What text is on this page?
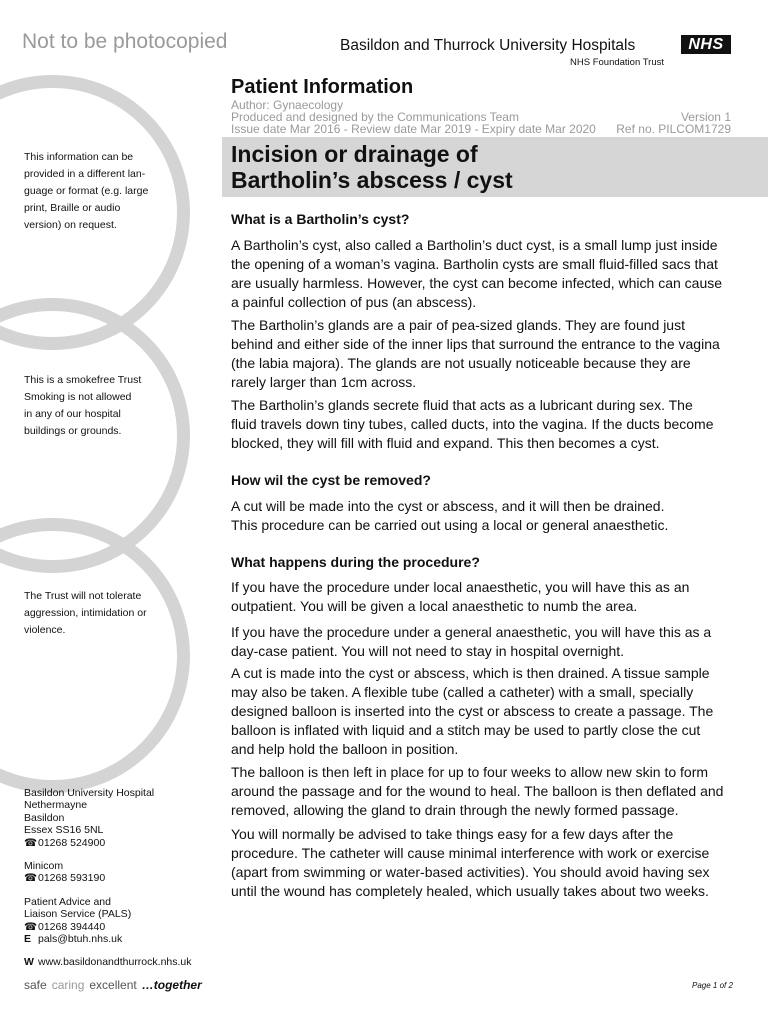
Not to be photocopied	Basildon and Thurrock University Hospitals	NHS
NHS Foundation Trust
Patient Information
Author: Gynaecology
Produced and designed by the Communications Team
Issue date Mar 2016 - Review date Mar 2019 - Expiry date Mar 2020
Version 1
Ref no. PILCOM1729
Incision or drainage of
Bartholin’s abscess / cyst
This information can be
provided in a different lan-
guage or format (e.g. large
print, Braille or audio
version) on request.
This is a smokefree Trust
Smoking is not allowed
in any of our hospital
buildings or grounds.
The Trust will not tolerate
aggression, intimidation or
violence.
Basildon University Hospital
Nethermayne
Basildon
Essex SS16 5NL
☎01268 524900
Minicom
☎01268 593190
Patient Advice and
Liaison Service (PALS)
☎01268 394440
E pals@btuh.nhs.uk
W www.basildonandthurrock.nhs.uk
safe caring excellent …together	Page 1 of 2
What is a Bartholin’s cyst?
A Bartholin’s cyst, also called a Bartholin’s duct cyst, is a small lump just inside
the opening of a woman’s vagina. Bartholin cysts are small fluid-filled sacs that
are usually harmless. However, the cyst can become infected, which can cause
a painful collection of pus (an abscess).
The Bartholin’s glands are a pair of pea-sized glands. They are found just
behind and either side of the inner lips that surround the entrance to the vagina
(the labia majora). The glands are not usually noticeable because they are
rarely larger than 1cm across.
The Bartholin’s glands secrete fluid that acts as a lubricant during sex. The
fluid travels down tiny tubes, called ducts, into the vagina. If the ducts become
blocked, they will fill with fluid and expand. This then becomes a cyst.
How wil the cyst be removed?
A cut will be made into the cyst or abscess, and it will then be drained.
This procedure can be carried out using a local or general anaesthetic.
What happens during the procedure?
If you have the procedure under local anaesthetic, you will have this as an
outpatient. You will be given a local anaesthetic to numb the area.
If you have the procedure under a general anaesthetic, you will have this as a
day-case patient. You will not need to stay in hospital overnight.
A cut is made into the cyst or abscess, which is then drained. A tissue sample
may also be taken. A flexible tube (called a catheter) with a small, specially
designed balloon is inserted into the cyst or abscess to create a passage. The
balloon is inflated with liquid and a stitch may be used to partly close the cut
and help hold the balloon in position.
The balloon is then left in place for up to four weeks to allow new skin to form
around the passage and for the wound to heal. The balloon is then deflated and
removed, allowing the gland to drain through the newly formed passage.
You will normally be advised to take things easy for a few days after the
procedure. The catheter will cause minimal interference with work or exercise
(apart from swimming or water-based activities). You should avoid having sex
until the wound has completely healed, which usually takes about two weeks.
